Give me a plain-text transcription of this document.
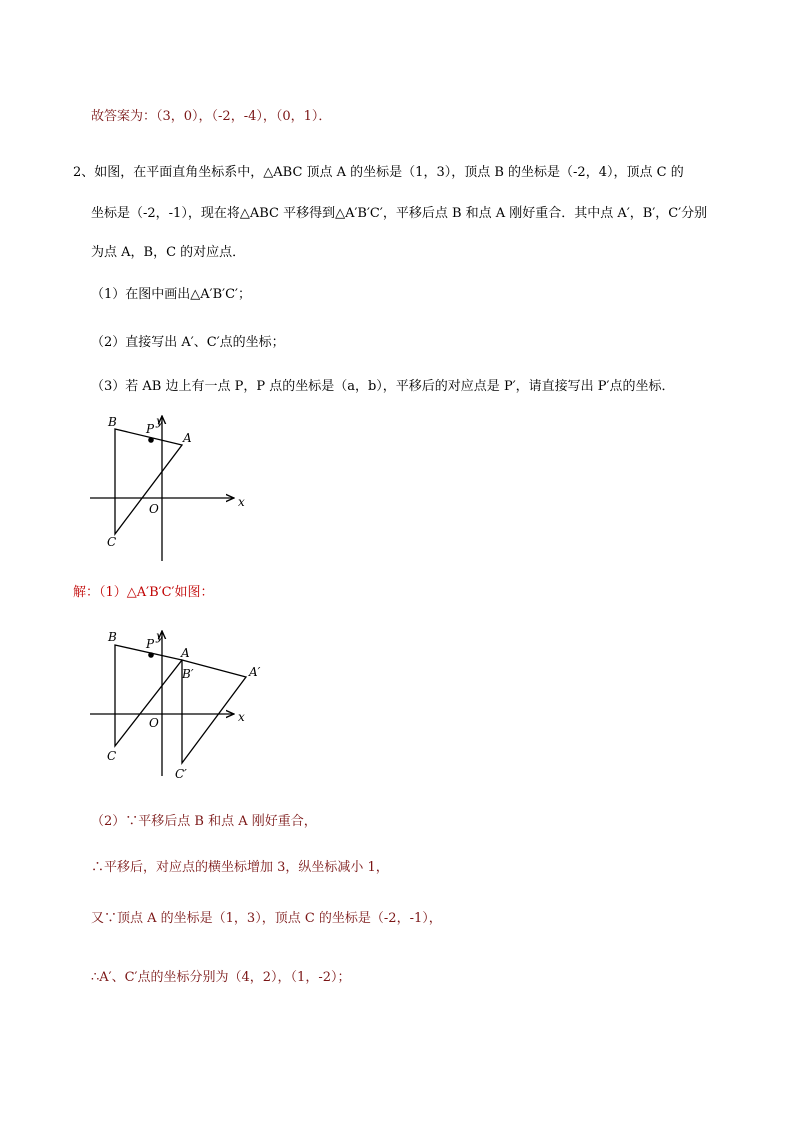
故答案为：（3，0），（-2，-4），（0，1）．
2、如图，在平面直角坐标系中，△ABC 顶点 A 的坐标是（1，3），顶点 B 的坐标是（-2，4），顶点 C 的
坐标是（-2，-1），现在将△ABC 平移得到△A′B′C′，平移后点 B 和点 A 刚好重合．其中点 A′，B′，C′分别
为点 A，B，C 的对应点．
（1）在图中画出△A′B′C′；
（2）直接写出 A′、C′点的坐标；
（3）若 AB 边上有一点 P，P 点的坐标是（a，b），平移后的对应点是 P′，请直接写出 P′点的坐标．
B P
y
A
x
O
C
解：（1）△A′B′C′如图：
B P
y
A
B′	A′
x
O
C
C′
（2）∵平移后点 B 和点 A 刚好重合，
∴平移后，对应点的横坐标增加 3，纵坐标减小 1，
又∵顶点 A 的坐标是（1，3），顶点 C 的坐标是（-2，-1），
∴A′、C′点的坐标分别为（4，2），（1，-2）；
